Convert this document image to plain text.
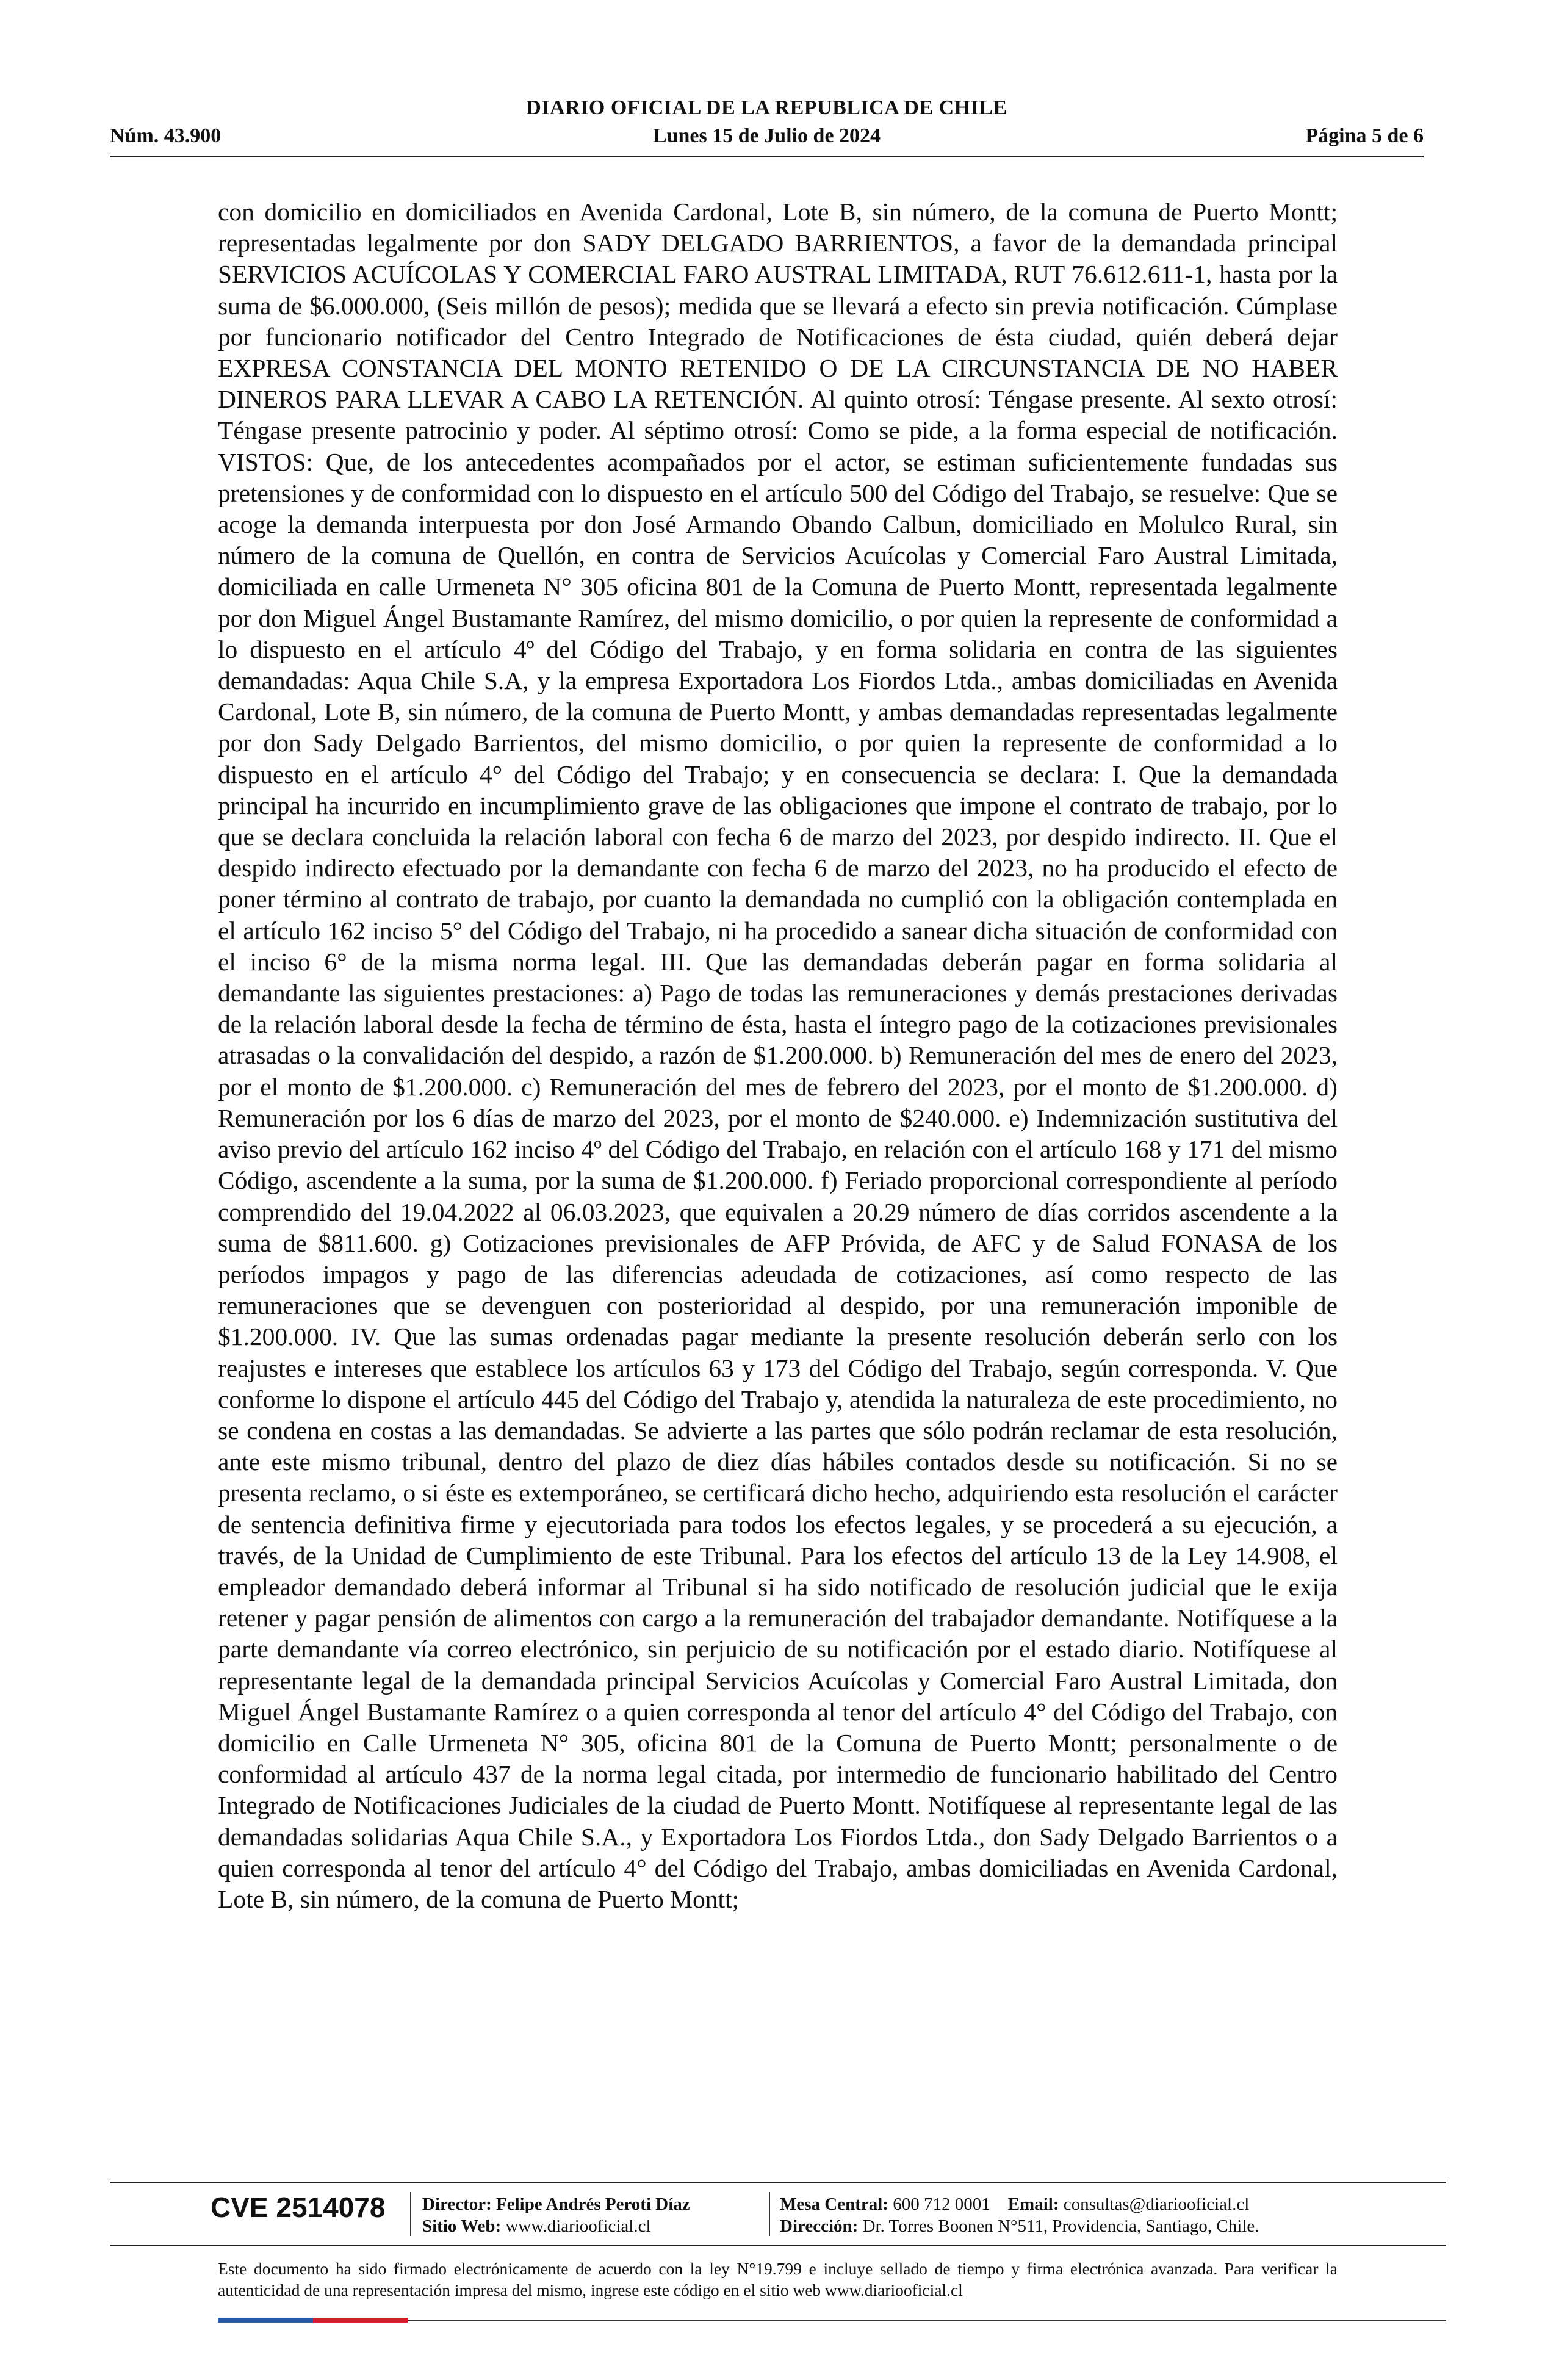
DIARIO OFICIAL DE LA REPUBLICA DE CHILE
Núm. 43.900	Lunes 15 de Julio de 2024	Página 5 de 6
con domicilio en domiciliados en Avenida Cardonal, Lote B, sin número, de la comuna de Puerto Montt; representadas legalmente por don SADY DELGADO BARRIENTOS, a favor de la demandada principal SERVICIOS ACUÍCOLAS Y COMERCIAL FARO AUSTRAL LIMITADA, RUT 76.612.611-1, hasta por la suma de $6.000.000, (Seis millón de pesos); medida que se llevará a efecto sin previa notificación. Cúmplase por funcionario notificador del Centro Integrado de Notificaciones de ésta ciudad, quién deberá dejar EXPRESA CONSTANCIA DEL MONTO RETENIDO O DE LA CIRCUNSTANCIA DE NO HABER DINEROS PARA LLEVAR A CABO LA RETENCIÓN. Al quinto otrosí: Téngase presente. Al sexto otrosí: Téngase presente patrocinio y poder. Al séptimo otrosí: Como se pide, a la forma especial de notificación. VISTOS: Que, de los antecedentes acompañados por el actor, se estiman suficientemente fundadas sus pretensiones y de conformidad con lo dispuesto en el artículo 500 del Código del Trabajo, se resuelve: Que se acoge la demanda interpuesta por don José Armando Obando Calbun, domiciliado en Molulco Rural, sin número de la comuna de Quellón, en contra de Servicios Acuícolas y Comercial Faro Austral Limitada, domiciliada en calle Urmeneta N° 305 oficina 801 de la Comuna de Puerto Montt, representada legalmente por don Miguel Ángel Bustamante Ramírez, del mismo domicilio, o por quien la represente de conformidad a lo dispuesto en el artículo 4º del Código del Trabajo, y en forma solidaria en contra de las siguientes demandadas: Aqua Chile S.A, y la empresa Exportadora Los Fiordos Ltda., ambas domiciliadas en Avenida Cardonal, Lote B, sin número, de la comuna de Puerto Montt, y ambas demandadas representadas legalmente por don Sady Delgado Barrientos, del mismo domicilio, o por quien la represente de conformidad a lo dispuesto en el artículo 4° del Código del Trabajo; y en consecuencia se declara: I. Que la demandada principal ha incurrido en incumplimiento grave de las obligaciones que impone el contrato de trabajo, por lo que se declara concluida la relación laboral con fecha 6 de marzo del 2023, por despido indirecto. II. Que el despido indirecto efectuado por la demandante con fecha 6 de marzo del 2023, no ha producido el efecto de poner término al contrato de trabajo, por cuanto la demandada no cumplió con la obligación contemplada en el artículo 162 inciso 5° del Código del Trabajo, ni ha procedido a sanear dicha situación de conformidad con el inciso 6° de la misma norma legal. III. Que las demandadas deberán pagar en forma solidaria al demandante las siguientes prestaciones: a) Pago de todas las remuneraciones y demás prestaciones derivadas de la relación laboral desde la fecha de término de ésta, hasta el íntegro pago de la cotizaciones previsionales atrasadas o la convalidación del despido, a razón de $1.200.000. b) Remuneración del mes de enero del 2023, por el monto de $1.200.000. c) Remuneración del mes de febrero del 2023, por el monto de $1.200.000. d) Remuneración por los 6 días de marzo del 2023, por el monto de $240.000. e) Indemnización sustitutiva del aviso previo del artículo 162 inciso 4º del Código del Trabajo, en relación con el artículo 168 y 171 del mismo Código, ascendente a la suma, por la suma de $1.200.000. f) Feriado proporcional correspondiente al período comprendido del 19.04.2022 al 06.03.2023, que equivalen a 20.29 número de días corridos ascendente a la suma de $811.600. g) Cotizaciones previsionales de AFP Próvida, de AFC y de Salud FONASA de los períodos impagos y pago de las diferencias adeudada de cotizaciones, así como respecto de las remuneraciones que se devenguen con posterioridad al despido, por una remuneración imponible de $1.200.000. IV. Que las sumas ordenadas pagar mediante la presente resolución deberán serlo con los reajustes e intereses que establece los artículos 63 y 173 del Código del Trabajo, según corresponda. V. Que conforme lo dispone el artículo 445 del Código del Trabajo y, atendida la naturaleza de este procedimiento, no se condena en costas a las demandadas. Se advierte a las partes que sólo podrán reclamar de esta resolución, ante este mismo tribunal, dentro del plazo de diez días hábiles contados desde su notificación. Si no se presenta reclamo, o si éste es extemporáneo, se certificará dicho hecho, adquiriendo esta resolución el carácter de sentencia definitiva firme y ejecutoriada para todos los efectos legales, y se procederá a su ejecución, a través, de la Unidad de Cumplimiento de este Tribunal. Para los efectos del artículo 13 de la Ley 14.908, el empleador demandado deberá informar al Tribunal si ha sido notificado de resolución judicial que le exija retener y pagar pensión de alimentos con cargo a la remuneración del trabajador demandante. Notifíquese a la parte demandante vía correo electrónico, sin perjuicio de su notificación por el estado diario. Notifíquese al representante legal de la demandada principal Servicios Acuícolas y Comercial Faro Austral Limitada, don Miguel Ángel Bustamante Ramírez o a quien corresponda al tenor del artículo 4° del Código del Trabajo, con domicilio en Calle Urmeneta N° 305, oficina 801 de la Comuna de Puerto Montt; personalmente o de conformidad al artículo 437 de la norma legal citada, por intermedio de funcionario habilitado del Centro Integrado de Notificaciones Judiciales de la ciudad de Puerto Montt. Notifíquese al representante legal de las demandadas solidarias Aqua Chile S.A., y Exportadora Los Fiordos Ltda., don Sady Delgado Barrientos o a quien corresponda al tenor del artículo 4° del Código del Trabajo, ambas domiciliadas en Avenida Cardonal, Lote B, sin número, de la comuna de Puerto Montt;
CVE 2514078 Director: Felipe Andrés Peroti Díaz
Sitio Web: www.diariooficial.cl
Mesa Central: 600 712 0001 Email: consultas@diariooficial.cl
Dirección: Dr. Torres Boonen N°511, Providencia, Santiago, Chile.
Este documento ha sido firmado electrónicamente de acuerdo con la ley N°19.799 e incluye sellado de tiempo y firma electrónica avanzada. Para verificar la autenticidad de una representación impresa del mismo, ingrese este código en el sitio web www.diariooficial.cl
